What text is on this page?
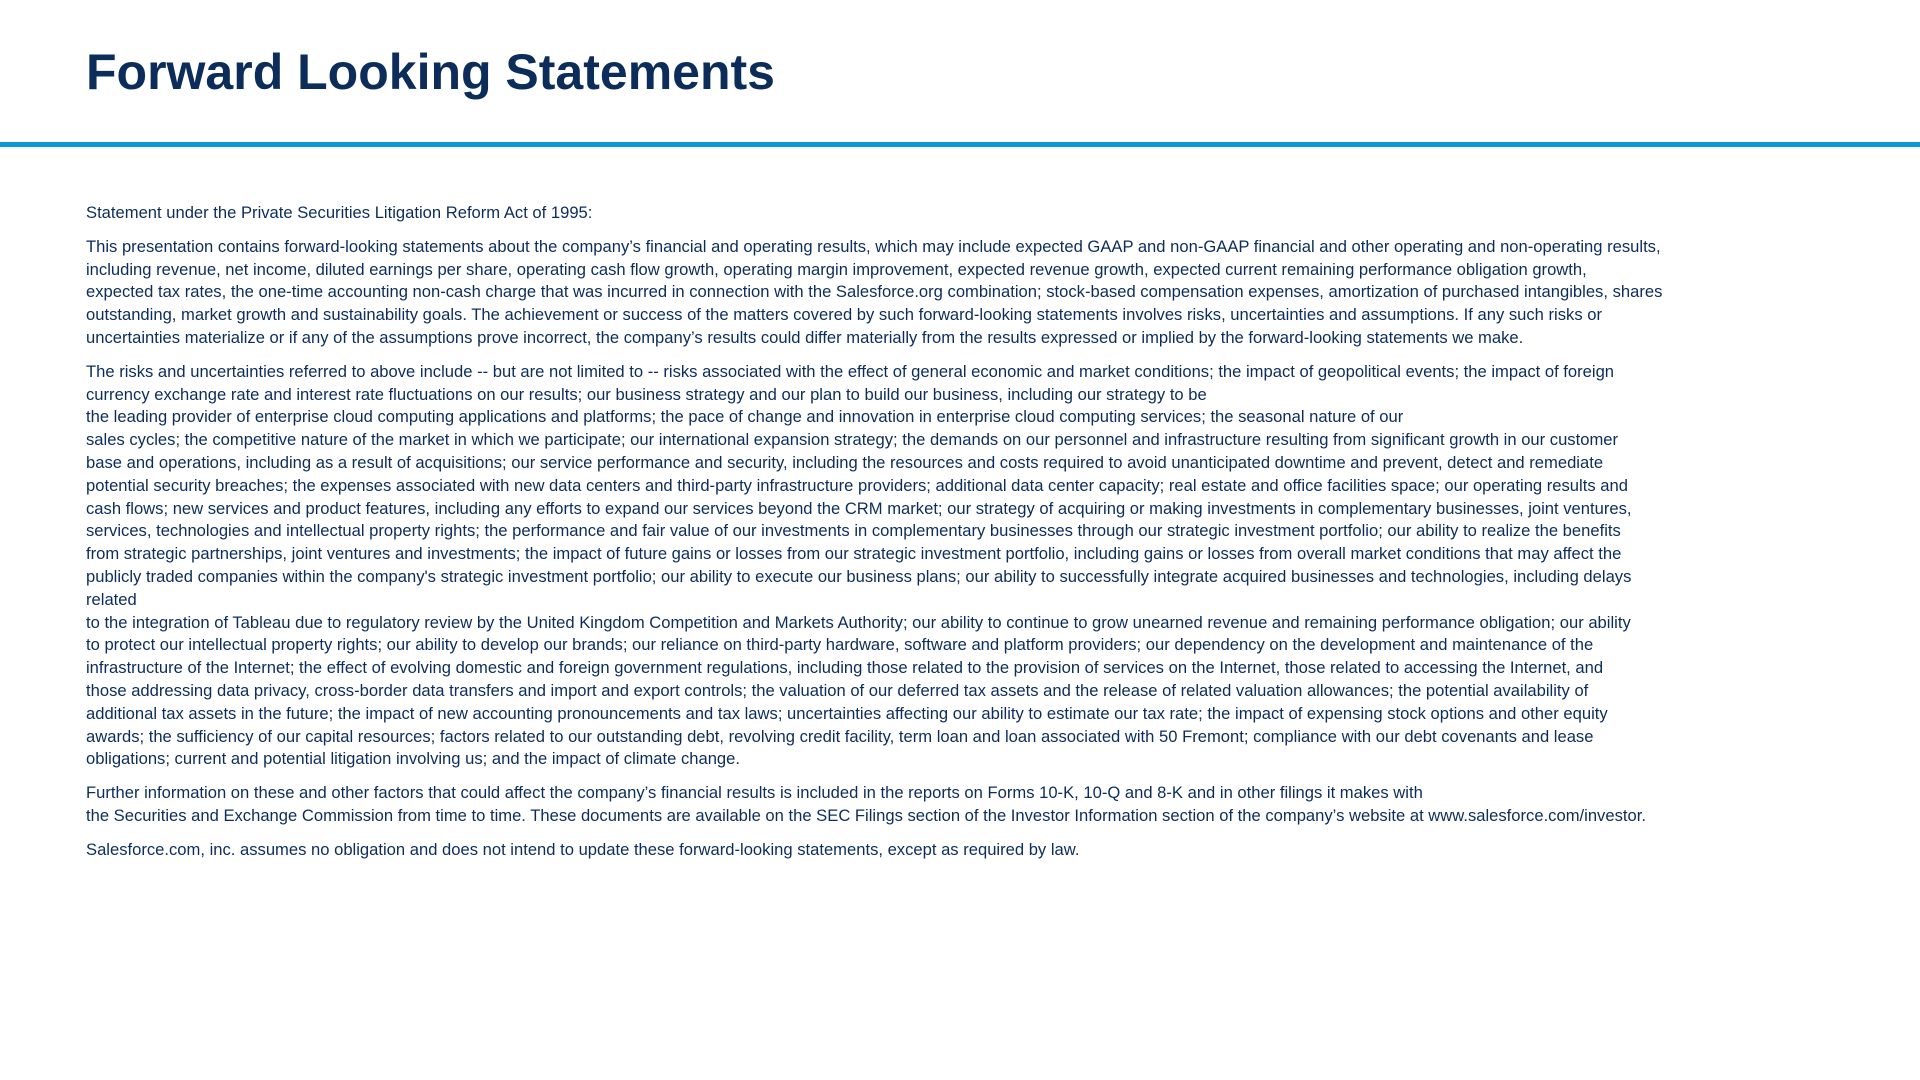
Forward Looking Statements

Statement under the Private Securities Litigation Reform Act of 1995:

This presentation contains forward-looking statements about the company’s financial and operating results, which may include expected GAAP and non-GAAP financial and other operating and non-operating results,
including revenue, net income, diluted earnings per share, operating cash flow growth, operating margin improvement, expected revenue growth, expected current remaining performance obligation growth,
expected tax rates, the one-time accounting non-cash charge that was incurred in connection with the Salesforce.org combination; stock-based compensation expenses, amortization of purchased intangibles, shares
outstanding, market growth and sustainability goals. The achievement or success of the matters covered by such forward-looking statements involves risks, uncertainties and assumptions. If any such risks or
uncertainties materialize or if any of the assumptions prove incorrect, the company’s results could differ materially from the results expressed or implied by the forward-looking statements we make.

The risks and uncertainties referred to above include -- but are not limited to -- risks associated with the effect of general economic and market conditions; the impact of geopolitical events; the impact of foreign
currency exchange rate and interest rate fluctuations on our results; our business strategy and our plan to build our business, including our strategy to be
the leading provider of enterprise cloud computing applications and platforms; the pace of change and innovation in enterprise cloud computing services; the seasonal nature of our
sales cycles; the competitive nature of the market in which we participate; our international expansion strategy; the demands on our personnel and infrastructure resulting from significant growth in our customer
base and operations, including as a result of acquisitions; our service performance and security, including the resources and costs required to avoid unanticipated downtime and prevent, detect and remediate
potential security breaches; the expenses associated with new data centers and third-party infrastructure providers; additional data center capacity; real estate and office facilities space; our operating results and
cash flows; new services and product features, including any efforts to expand our services beyond the CRM market; our strategy of acquiring or making investments in complementary businesses, joint ventures,
services, technologies and intellectual property rights; the performance and fair value of our investments in complementary businesses through our strategic investment portfolio; our ability to realize the benefits
from strategic partnerships, joint ventures and investments; the impact of future gains or losses from our strategic investment portfolio, including gains or losses from overall market conditions that may affect the
publicly traded companies within the company's strategic investment portfolio; our ability to execute our business plans; our ability to successfully integrate acquired businesses and technologies, including delays
related
to the integration of Tableau due to regulatory review by the United Kingdom Competition and Markets Authority; our ability to continue to grow unearned revenue and remaining performance obligation; our ability
to protect our intellectual property rights; our ability to develop our brands; our reliance on third-party hardware, software and platform providers; our dependency on the development and maintenance of the
infrastructure of the Internet; the effect of evolving domestic and foreign government regulations, including those related to the provision of services on the Internet, those related to accessing the Internet, and
those addressing data privacy, cross-border data transfers and import and export controls; the valuation of our deferred tax assets and the release of related valuation allowances; the potential availability of
additional tax assets in the future; the impact of new accounting pronouncements and tax laws; uncertainties affecting our ability to estimate our tax rate; the impact of expensing stock options and other equity
awards; the sufficiency of our capital resources; factors related to our outstanding debt, revolving credit facility, term loan and loan associated with 50 Fremont; compliance with our debt covenants and lease
obligations; current and potential litigation involving us; and the impact of climate change.

Further information on these and other factors that could affect the company’s financial results is included in the reports on Forms 10-K, 10-Q and 8-K and in other filings it makes with
the Securities and Exchange Commission from time to time. These documents are available on the SEC Filings section of the Investor Information section of the company’s website at www.salesforce.com/investor.

Salesforce.com, inc. assumes no obligation and does not intend to update these forward-looking statements, except as required by law.
